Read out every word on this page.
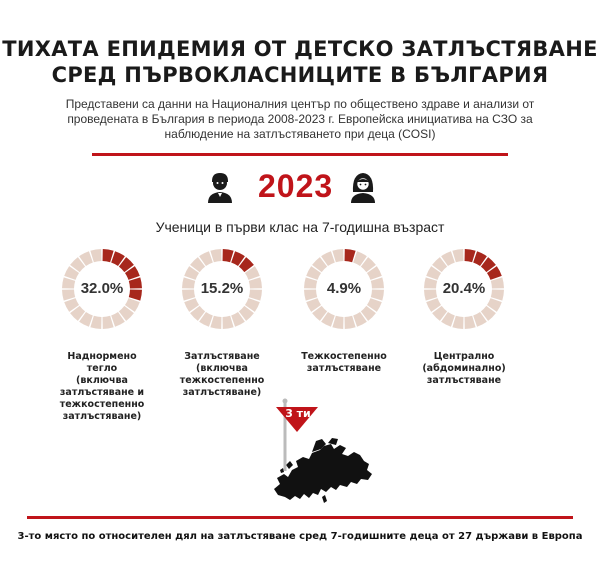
ТИХАТА ЕПИДЕМИЯ ОТ ДЕТСКО ЗАТЛЪСТЯВАНЕ
СРЕД ПЪРВОКЛАСНИЦИТЕ В БЪЛГАРИЯ
Представени са данни на Националния център по обществено здраве и анализи от
проведената в България в периода 2008-2023 г. Европейска инициатива на СЗО за
наблюдение на затлъстяването при деца (COSI)
2023
Ученици в първи клас на 7-годишна възраст
32.0%	15.2%	4.9%	20.4%
Наднормено
тегло
(включва
затлъстяване и
тежкостепенно
затлъстяване)
Затлъстяване
(включва
тежкостепенно
затлъстяване)
Тежкостепенно
затлъстяване
Централно
(абдоминално)
затлъстяване
3 ти
3-то място по относителен дял на затлъстяване сред 7-годишните деца от 27 държави в Европа
